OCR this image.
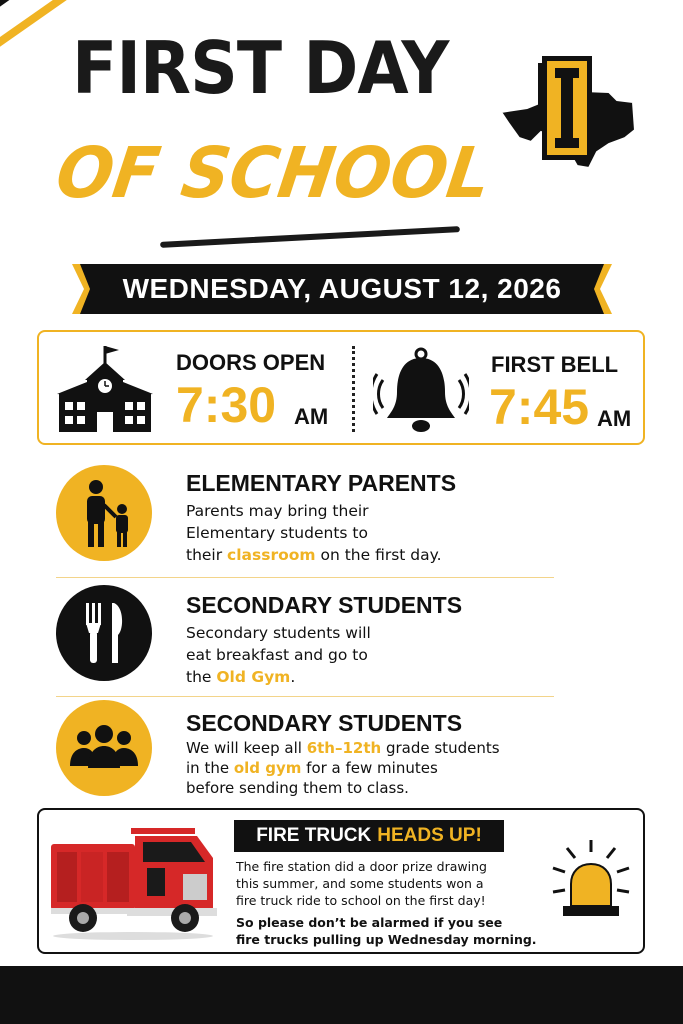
FIRST DAY
OF SCHOOL
I
WEDNESDAY, AUGUST 12, 2026
DOORS OPEN
7:30 AM
FIRST BELL
7:45 AM
ELEMENTARY PARENTS
Parents may bring their
Elementary students to
their classroom on the first day.
SECONDARY STUDENTS
Secondary students will
eat breakfast and go to
the Old Gym.
SECONDARY STUDENTS
We will keep all 6th–12th grade students
in the old gym for a few minutes
before sending them to class.
FIRE TRUCK HEADS UP!
The fire station did a door prize drawing
this summer, and some students won a
fire truck ride to school on the first day!
So please don’t be alarmed if you see
fire trucks pulling up Wednesday morning.
